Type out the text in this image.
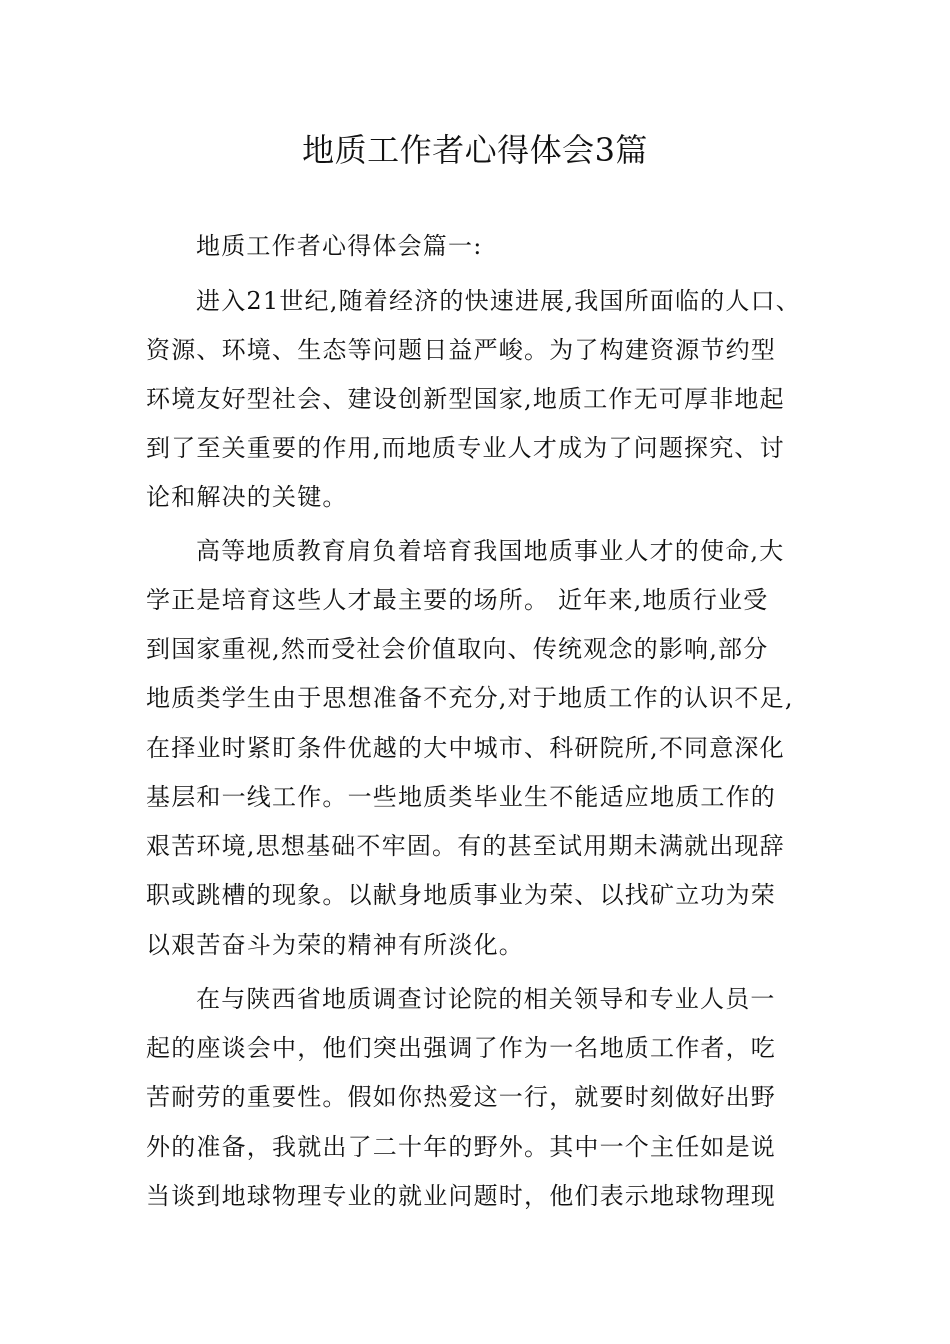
地质工作者心得体会3篇

地质工作者心得体会篇一:

进入21世纪,随着经济的快速进展,我国所面临的人口、

资源、环境、生态等问题日益严峻。为了构建资源节约型

环境友好型社会、建设创新型国家,地质工作无可厚非地起

到了至关重要的作用,而地质专业人才成为了问题探究、讨

论和解决的关键。

高等地质教育肩负着培育我国地质事业人才的使命,大

学正是培育这些人才最主要的场所。 近年来,地质行业受

到国家重视,然而受社会价值取向、传统观念的影响,部分

地质类学生由于思想准备不充分,对于地质工作的认识不足,

在择业时紧盯条件优越的大中城市、科研院所,不同意深化

基层和一线工作。一些地质类毕业生不能适应地质工作的

艰苦环境,思想基础不牢固。有的甚至试用期未满就出现辞

职或跳槽的现象。以献身地质事业为荣、以找矿立功为荣

以艰苦奋斗为荣的精神有所淡化。

在与陕西省地质调查讨论院的相关领导和专业人员一

起的座谈会中，他们突出强调了作为一名地质工作者，吃

苦耐劳的重要性。假如你热爱这一行，就要时刻做好出野

外的准备，我就出了二十年的野外。其中一个主任如是说

当谈到地球物理专业的就业问题时，他们表示地球物理现
